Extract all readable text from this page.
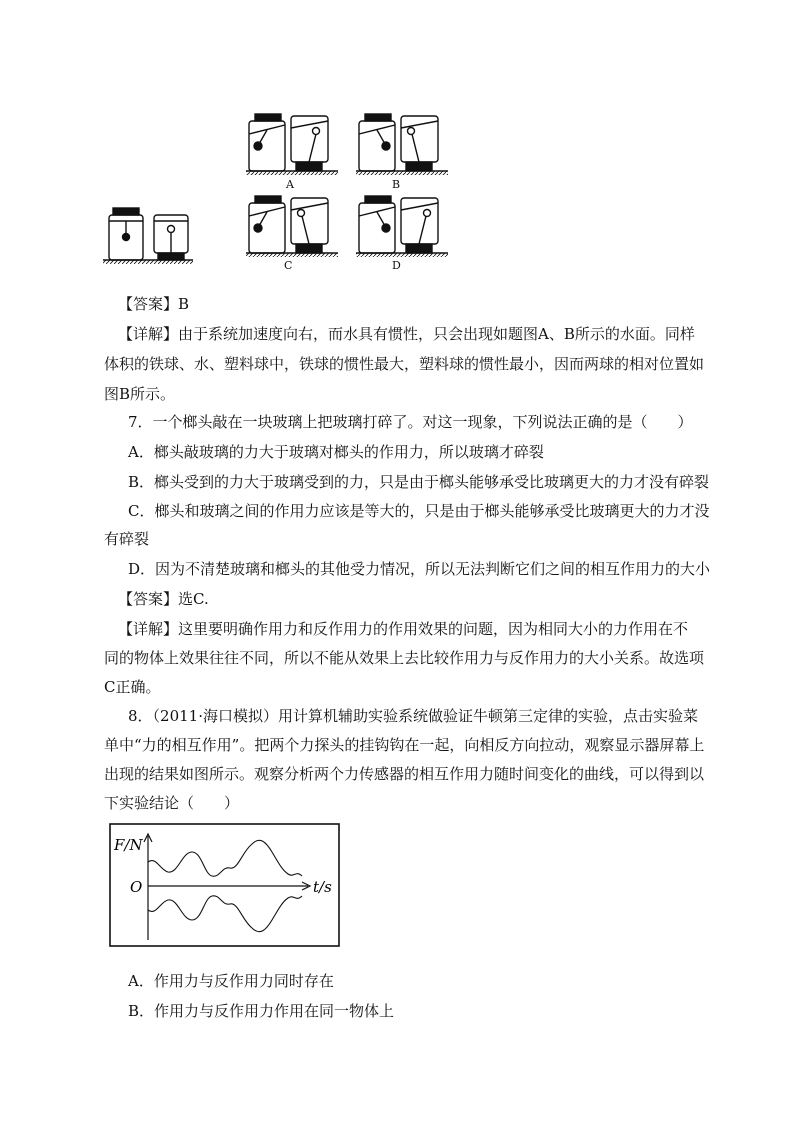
A	B
C	D
【答案】B
【详解】由于系统加速度向右，而水具有惯性，只会出现如题图A、B所示的水面。同样
体积的铁球、水、塑料球中，铁球的惯性最大，塑料球的惯性最小，因而两球的相对位置如
图B所示。
7．一个榔头敲在一块玻璃上把玻璃打碎了。对这一现象，下列说法正确的是（　　）
A．榔头敲玻璃的力大于玻璃对榔头的作用力，所以玻璃才碎裂
B．榔头受到的力大于玻璃受到的力，只是由于榔头能够承受比玻璃更大的力才没有碎裂
C．榔头和玻璃之间的作用力应该是等大的，只是由于榔头能够承受比玻璃更大的力才没
有碎裂
D．因为不清楚玻璃和榔头的其他受力情况，所以无法判断它们之间的相互作用力的大小
【答案】选C.
【详解】这里要明确作用力和反作用力的作用效果的问题，因为相同大小的力作用在不
同的物体上效果往往不同，所以不能从效果上去比较作用力与反作用力的大小关系。故选项
C正确。
8．（2011·海口模拟）用计算机辅助实验系统做验证牛顿第三定律的实验，点击实验菜
单中“力的相互作用”。把两个力探头的挂钩钩在一起，向相反方向拉动，观察显示器屏幕上
出现的结果如图所示。观察分析两个力传感器的相互作用力随时间变化的曲线，可以得到以
下实验结论（　　）
F/N
O	t/s
A．作用力与反作用力同时存在
B．作用力与反作用力作用在同一物体上
